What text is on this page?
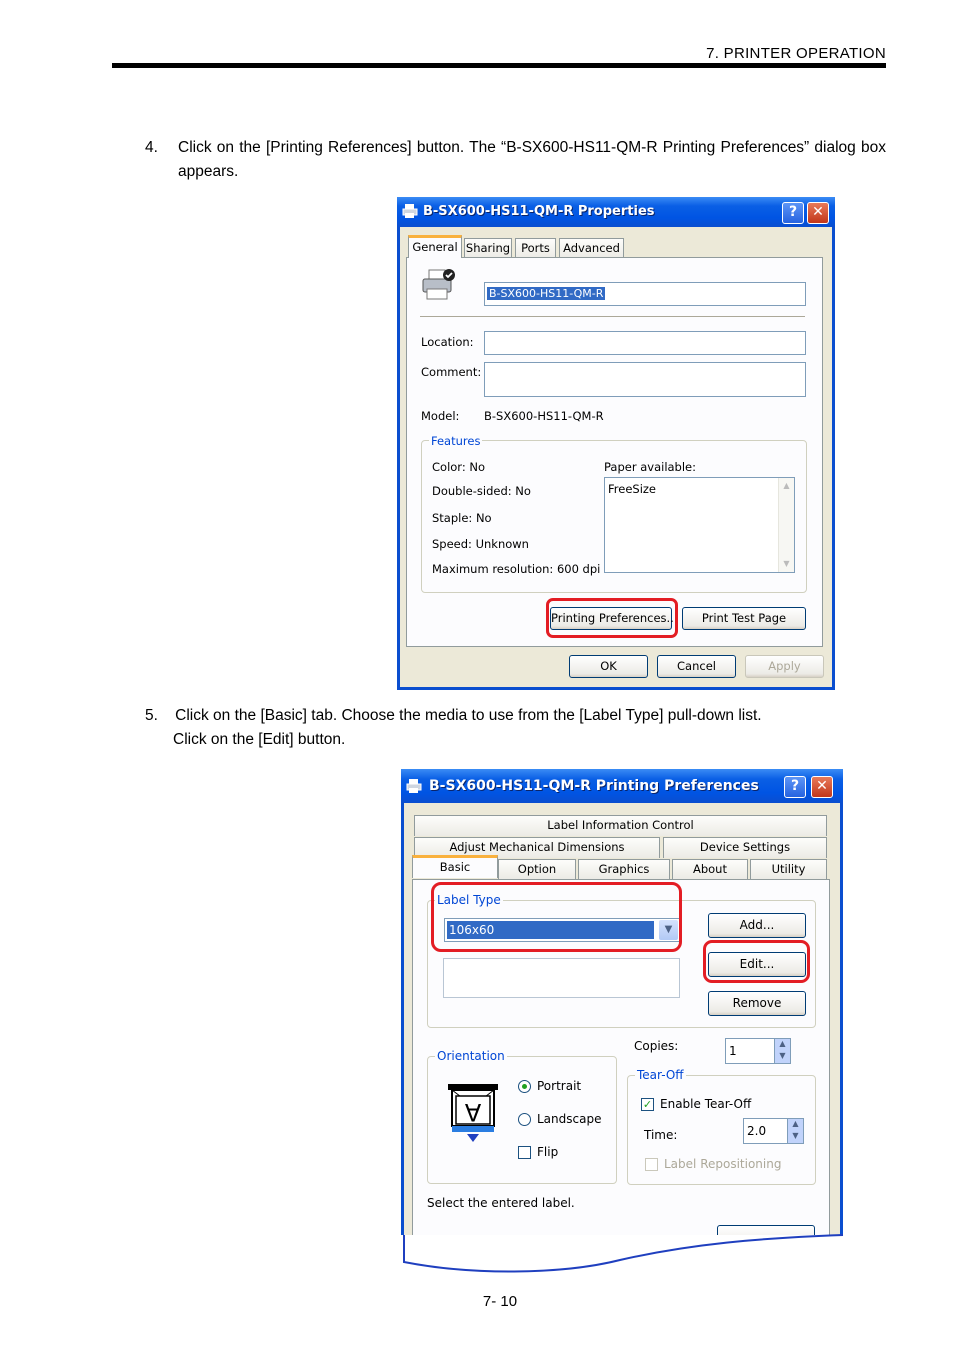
7. PRINTER OPERATION
4. Click on the [Printing References] button. The “B-SX600-HS11-QM-R Printing Preferences” dialog box appears.
B-SX600-HS11-QM-R Properties	?	✕
General Sharing Ports	Advanced
B-SX600-HS11-QM-R
Location:
Comment:
Model: B-SX600-HS11-QM-R
Features
Color: No
Double-sided: No
Staple: No
Speed: Unknown
Maximum resolution: 600 dpi
Paper available:
FreeSize	▲
▼
Printing Preferences...	Print Test Page
OK	Cancel	Apply
5. Click on the [Basic] tab. Choose the media to use from the [Label Type] pull-down list.
Click on the [Edit] button.
B-SX600-HS11-QM-R Printing Preferences	?	✕
Label Information Control
Adjust Mechanical Dimensions	Device Settings
Basic	Option	Graphics	About	Utility
Label Type
106x60	▼	Add...
Edit...
Remove
Orientation
A
Portrait
Landscape
Flip
Copies:	1
▲
▼
Tear-Off
✓ Enable Tear-Off
Time:	2.0
▲
▼
Label Repositioning
Select the entered label.
7- 10
